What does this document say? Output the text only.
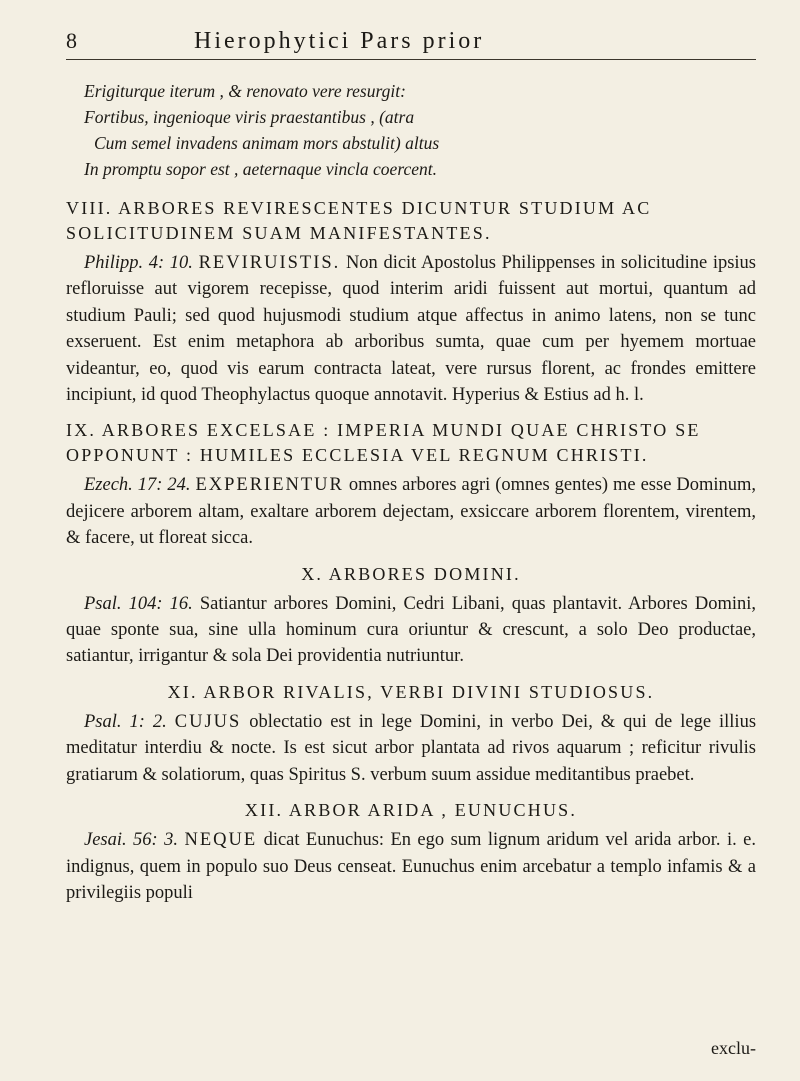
8	Hierophytici Pars prior
Erigiturque iterum , & renovato vere resurgit:
Fortibus, ingenioque viris praestantibus , (atra
Cum semel invadens animam mors abstulit) altus
In promptu sopor est , aeternaque vincla coercent.
VIII. ARBORES REVIRESCENTES DICUNTUR STUDIUM AC SOLICITUDINEM SUAM MANIFESTANTES.

Philipp. 4: 10. REVIRUISTIS. Non dicit Apostolus Philippenses in solicitudine ipsius refloruisse aut vigorem recepisse, quod interim aridi fuissent aut mortui, quantum ad studium Pauli; sed quod hujusmodi studium atque affectus in animo latens, non se tunc exseruent. Est enim metaphora ab arboribus sumta, quae cum per hyemem mortuae videantur, eo, quod vis earum contracta lateat, vere rursus florent, ac frondes emittere incipiunt, id quod Theophylactus quoque annotavit. Hyperius & Estius ad h. l.

IX. ARBORES EXCELSAE : IMPERIA MUNDI QUAE CHRISTO SE OPPONUNT : HUMILES ECCLESIA VEL REGNUM CHRISTI.

Ezech. 17: 24. EXPERIENTUR omnes arbores agri (omnes gentes) me esse Dominum, dejicere arborem altam, exaltare arborem dejectam, exsiccare arborem florentem, virentem, & facere, ut floreat sicca.

X. ARBORES DOMINI.

Psal. 104: 16. Satiantur arbores Domini, Cedri Libani, quas plantavit. Arbores Domini, quae sponte sua, sine ulla hominum cura oriuntur & crescunt, a solo Deo productae, satiantur, irrigantur & sola Dei providentia nutriuntur.

XI. ARBOR RIVALIS, VERBI DIVINI STUDIOSUS.

Psal. 1: 2. CUJUS oblectatio est in lege Domini, in verbo Dei, & qui de lege illius meditatur interdiu & nocte. Is est sicut arbor plantata ad rivos aquarum ; reficitur rivulis gratiarum & solatiorum, quas Spiritus S. verbum suum assidue meditantibus praebet.

XII. ARBOR ARIDA , EUNUCHUS.

Jesai. 56: 3. NEQUE dicat Eunuchus: En ego sum lignum aridum vel arida arbor. i. e. indignus, quem in populo suo Deus censeat. Eunuchus enim arcebatur a templo infamis & a privilegiis populi

exclu-
